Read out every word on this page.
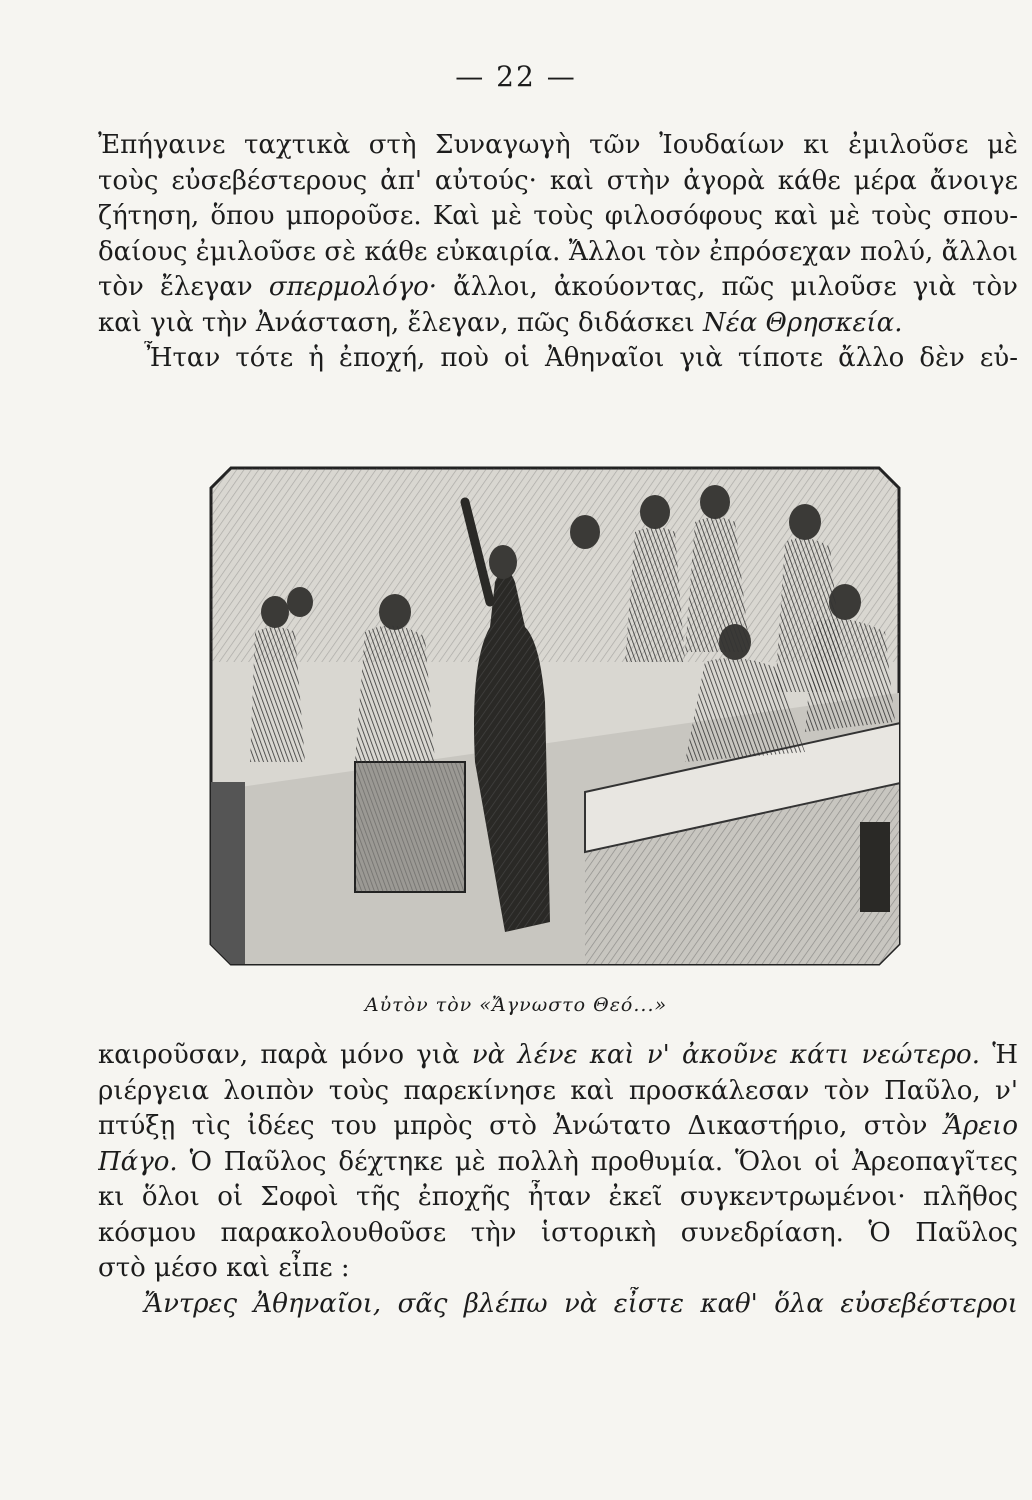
— 22 —
Ἐπήγαινε ταχτικὰ στὴ Συναγωγὴ τῶν Ἰουδαίων κι ἐμιλοῦσε μὲ
τοὺς εὐσεβέστερους ἀπ' αὐτούς· καὶ στὴν ἀγορὰ κάθε μέρα ἄνοιγε
ζήτηση, ὅπου μποροῦσε. Καὶ μὲ τοὺς φιλοσόφους καὶ μὲ τοὺς σπου-
δαίους ἐμιλοῦσε σὲ κάθε εὐκαιρία. Ἄλλοι τὸν ἐπρόσεχαν πολύ, ἄλλοι
τὸν ἔλεγαν σπερμολόγο· ἄλλοι, ἀκούοντας, πῶς μιλοῦσε γιὰ τὸν
καὶ γιὰ τὴν Ἀνάσταση, ἔλεγαν, πῶς διδάσκει Νέα Θρησκεία.
Ἦταν τότε ἡ ἐποχή, ποὺ οἱ Ἀθηναῖοι γιὰ τίποτε ἄλλο δὲν εὐ-
Αὐτὸν τὸν «Ἄγνωστο Θεό...»
καιροῦσαν, παρὰ μόνο γιὰ νὰ λένε καὶ ν' ἀκοῦνε κάτι νεώτερο. Ἡ
ριέργεια λοιπὸν τοὺς παρεκίνησε καὶ προσκάλεσαν τὸν Παῦλο, ν'
πτύξῃ τὶς ἰδέες του μπρὸς στὸ Ἀνώτατο Δικαστήριο, στὸν Ἄρειο
Πάγο. Ὁ Παῦλος δέχτηκε μὲ πολλὴ προθυμία. Ὅλοι οἱ Ἀρεοπαγῖτες
κι ὅλοι οἱ Σοφοὶ τῆς ἐποχῆς ἦταν ἐκεῖ συγκεντρωμένοι· πλῆθος
κόσμου παρακολουθοῦσε τὴν ἱστορικὴ συνεδρίαση. Ὁ Παῦλος
στὸ μέσο καὶ εἶπε :
Ἄντρες Ἀθηναῖοι, σᾶς βλέπω νὰ εἶστε καθ' ὅλα εὐσεβέστεροι
